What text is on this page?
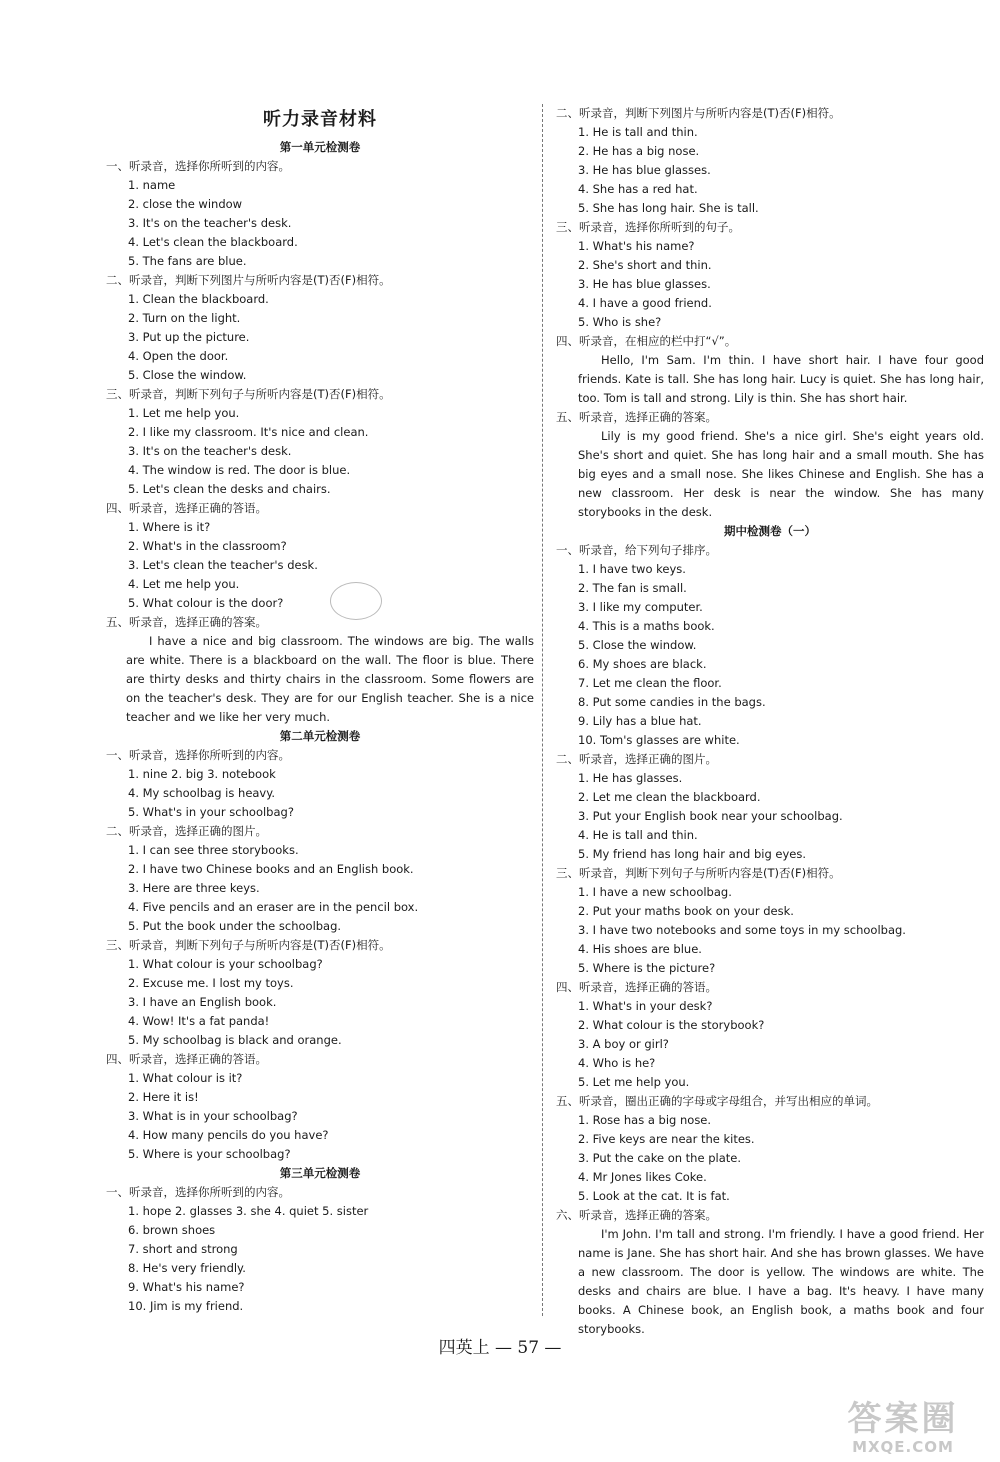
听力录音材料
第一单元检测卷
一、听录音，选择你所听到的内容。
1. name
2. close the window
3. It's on the teacher's desk.
4. Let's clean the blackboard.
5. The fans are blue.
二、听录音，判断下列图片与所听内容是(T)否(F)相符。
1. Clean the blackboard.
2. Turn on the light.
3. Put up the picture.
4. Open the door.
5. Close the window.
三、听录音，判断下列句子与所听内容是(T)否(F)相符。
1. Let me help you.
2. I like my classroom. It's nice and clean.
3. It's on the teacher's desk.
4. The window is red. The door is blue.
5. Let's clean the desks and chairs.
四、听录音，选择正确的答语。
1. Where is it?
2. What's in the classroom?
3. Let's clean the teacher's desk.
4. Let me help you.
5. What colour is the door?
五、听录音，选择正确的答案。
I have a nice and big classroom. The windows are big. The walls are white. There is a blackboard on the wall. The floor is blue. There are thirty desks and thirty chairs in the classroom. Some flowers are on the teacher's desk. They are for our English teacher. She is a nice teacher and we like her very much.
第二单元检测卷
一、听录音，选择你所听到的内容。
1. nine 2. big 3. notebook
4. My schoolbag is heavy.
5. What's in your schoolbag?
二、听录音，选择正确的图片。
1. I can see three storybooks.
2. I have two Chinese books and an English book.
3. Here are three keys.
4. Five pencils and an eraser are in the pencil box.
5. Put the book under the schoolbag.
三、听录音，判断下列句子与所听内容是(T)否(F)相符。
1. What colour is your schoolbag?
2. Excuse me. I lost my toys.
3. I have an English book.
4. Wow! It's a fat panda!
5. My schoolbag is black and orange.
四、听录音，选择正确的答语。
1. What colour is it?
2. Here it is!
3. What is in your schoolbag?
4. How many pencils do you have?
5. Where is your schoolbag?
第三单元检测卷
一、听录音，选择你所听到的内容。
1. hope 2. glasses 3. she 4. quiet 5. sister
6. brown shoes
7. short and strong
8. He's very friendly.
9. What's his name?
10. Jim is my friend.
二、听录音，判断下列图片与所听内容是(T)否(F)相符。
1. He is tall and thin.
2. He has a big nose.
3. He has blue glasses.
4. She has a red hat.
5. She has long hair. She is tall.
三、听录音，选择你所听到的句子。
1. What's his name?
2. She's short and thin.
3. He has blue glasses.
4. I have a good friend.
5. Who is she?
四、听录音，在相应的栏中打“√”。
Hello, I'm Sam. I'm thin. I have short hair. I have four good friends. Kate is tall. She has long hair. Lucy is quiet. She has long hair, too. Tom is tall and strong. Lily is thin. She has short hair.
五、听录音，选择正确的答案。
Lily is my good friend. She's a nice girl. She's eight years old. She's short and quiet. She has long hair and a small mouth. She has big eyes and a small nose. She likes Chinese and English. She has a new classroom. Her desk is near the window. She has many storybooks in the desk.
期中检测卷（一）
一、听录音，给下列句子排序。
1. I have two keys.
2. The fan is small.
3. I like my computer.
4. This is a maths book.
5. Close the window.
6. My shoes are black.
7. Let me clean the floor.
8. Put some candies in the bags.
9. Lily has a blue hat.
10. Tom's glasses are white.
二、听录音，选择正确的图片。
1. He has glasses.
2. Let me clean the blackboard.
3. Put your English book near your schoolbag.
4. He is tall and thin.
5. My friend has long hair and big eyes.
三、听录音，判断下列句子与所听内容是(T)否(F)相符。
1. I have a new schoolbag.
2. Put your maths book on your desk.
3. I have two notebooks and some toys in my schoolbag.
4. His shoes are blue.
5. Where is the picture?
四、听录音，选择正确的答语。
1. What's in your desk?
2. What colour is the storybook?
3. A boy or girl?
4. Who is he?
5. Let me help you.
五、听录音，圈出正确的字母或字母组合，并写出相应的单词。
1. Rose has a big nose.
2. Five keys are near the kites.
3. Put the cake on the plate.
4. Mr Jones likes Coke.
5. Look at the cat. It is fat.
六、听录音，选择正确的答案。
I'm John. I'm tall and strong. I'm friendly. I have a good friend. Her name is Jane. She has short hair. And she has brown glasses. We have a new classroom. The door is yellow. The windows are white. The desks and chairs are blue. I have a bag. It's heavy. I have many books. A Chinese book, an English book, a maths book and four storybooks.
四英上 — 57 —
答案圈
MXQE.COM
